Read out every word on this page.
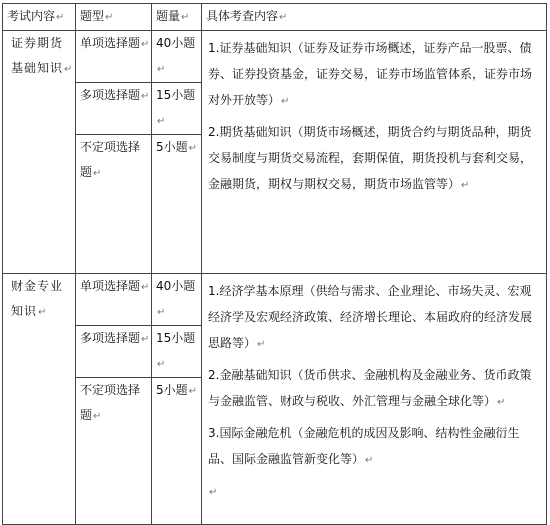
考试内容 ↵	题型 ↵	题量 ↵	具体考查内容 ↵
证券期货基础知识 ↵	单项选择题 ↵	40小题 ↵	1.证券基础知识（证券及证券市场概述，证券产品一股票、债券、证券投资基金，证券交易，证券市场监管体系，证券市场对外开放等） ↵

2.期货基础知识（期货市场概述，期货合约与期货品种，期货交易制度与期货交易流程，套期保值，期货投机与套利交易，金融期货，期权与期权交易，期货市场监管等） ↵

	多项选择题 ↵	15小题 ↵
	不定项选择题 ↵	5小题 ↵
财金专业知识 ↵	单项选择题 ↵	40小题 ↵	1.经济学基本原理（供给与需求、企业理论、市场失灵、宏观经济学及宏观经济政策、经济增长理论、本届政府的经济发展思路等） ↵

2.金融基础知识（货币供求、金融机构及金融业务、货币政策与金融监管、财政与税收、外汇管理与金融全球化等） ↵

3.国际金融危机（金融危机的成因及影响、结构性金融衍生品、国际金融监管新变化等） ↵

↵

	多项选择题 ↵	15小题 ↵
	不定项选择题 ↵	5小题 ↵
